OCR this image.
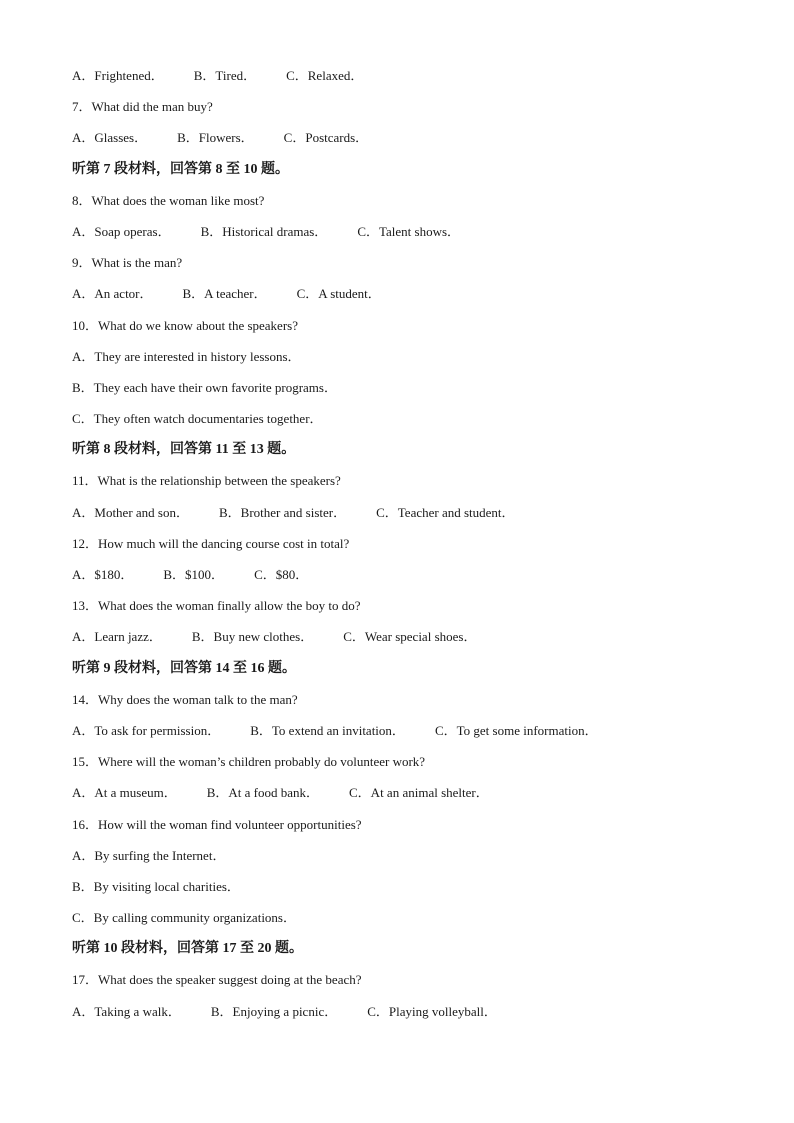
A．Frightened． B．Tired． C．Relaxed．
7．What did the man buy?
A．Glasses． B．Flowers． C．Postcards．
听第 7 段材料，回答第 8 至 10 题。
8．What does the woman like most?
A．Soap operas． B．Historical dramas． C．Talent shows．
9．What is the man?
A．An actor． B．A teacher． C．A student．
10．What do we know about the speakers?
A．They are interested in history lessons．
B．They each have their own favorite programs．
C．They often watch documentaries together．
听第 8 段材料，回答第 11 至 13 题。
11．What is the relationship between the speakers?
A．Mother and son． B．Brother and sister． C．Teacher and student．
12．How much will the dancing course cost in total?
A．$180． B．$100． C．$80．
13．What does the woman finally allow the boy to do?
A．Learn jazz． B．Buy new clothes． C．Wear special shoes．
听第 9 段材料，回答第 14 至 16 题。
14．Why does the woman talk to the man?
A．To ask for permission． B．To extend an invitation． C．To get some information．
15．Where will the woman’s children probably do volunteer work?
A．At a museum． B．At a food bank． C．At an animal shelter．
16．How will the woman find volunteer opportunities?
A．By surfing the Internet．
B．By visiting local charities．
C．By calling community organizations．
听第 10 段材料，回答第 17 至 20 题。
17．What does the speaker suggest doing at the beach?
A．Taking a walk． B．Enjoying a picnic． C．Playing volleyball．
